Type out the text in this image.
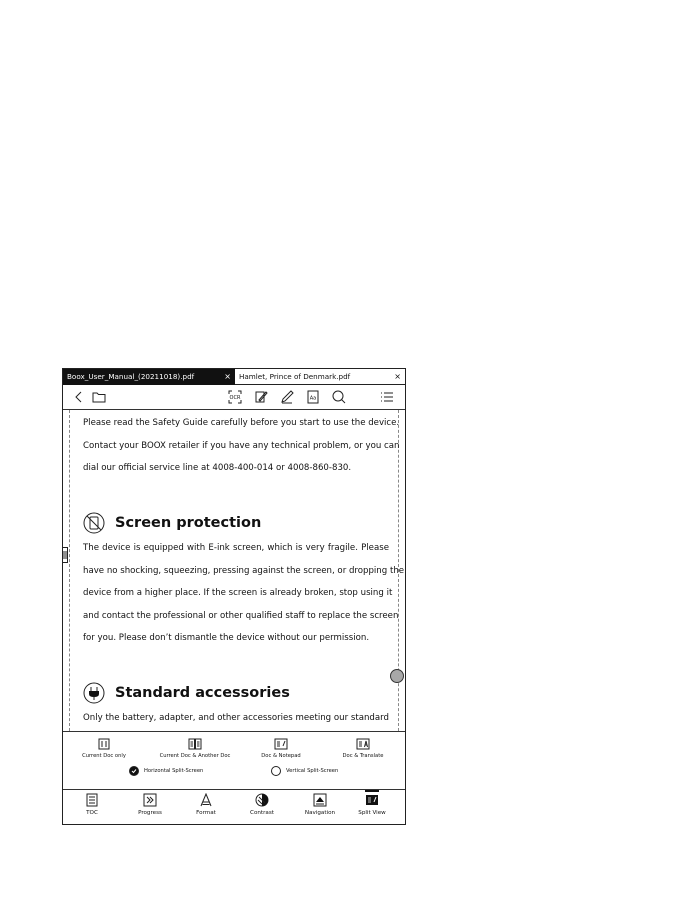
Boox_User_Manual_(20211018).pdf	×	Hamlet, Prince of Denmark.pdf	×
OCR	Aa
Please read the Safety Guide carefully before you start to use the device.
Contact your BOOX retailer if you have any technical problem, or you can
dial our official service line at 4008-400-014 or 4008-860-830.
Screen protection
The device is equipped with E-ink screen, which is very fragile. Please
have no shocking, squeezing, pressing against the screen, or dropping the
device from a higher place. If the screen is already broken, stop using it
and contact the professional or other qualified staff to replace the screen
for you. Please don’t dismantle the device without our permission.
Standard accessories
Only the battery, adapter, and other accessories meeting our standard
Current Doc only	Current Doc & Another Doc	Doc & Notepad	Doc & Translate
Horizontal Split-Screen	Vertical Split-Screen
TOC	Progress	Format	Contrast	Navigation	Split View
